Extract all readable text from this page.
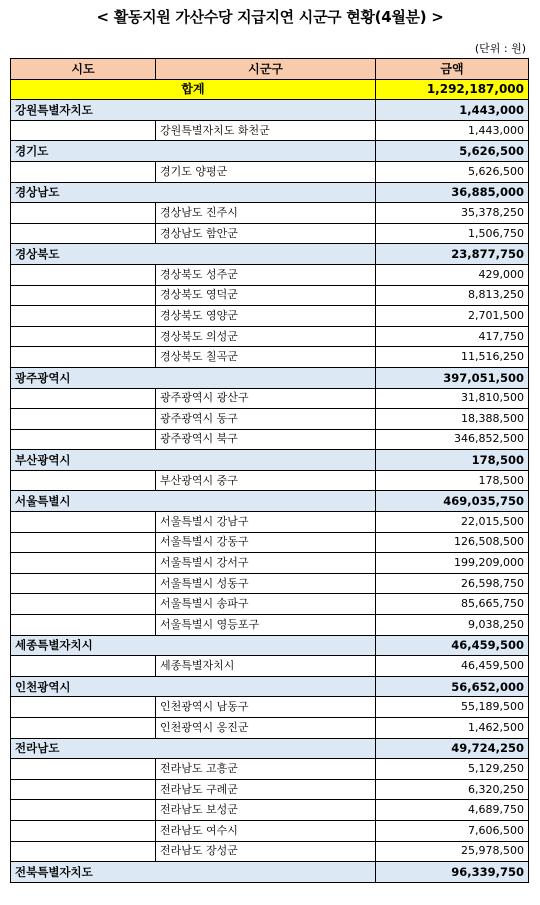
< 활동지원 가산수당 지급지연 시군구 현황(4월분) >
(단위 : 원)
시도	시군구	금액
합계		1,292,187,000
강원특별자치도		1,443,000
	강원특별자치도 화천군	1,443,000
경기도		5,626,500
	경기도 양평군	5,626,500
경상남도		36,885,000
	경상남도 진주시	35,378,250
	경상남도 함안군	1,506,750
경상북도		23,877,750
	경상북도 성주군	429,000
	경상북도 영덕군	8,813,250
	경상북도 영양군	2,701,500
	경상북도 의성군	417,750
	경상북도 칠곡군	11,516,250
광주광역시		397,051,500
	광주광역시 광산구	31,810,500
	광주광역시 동구	18,388,500
	광주광역시 북구	346,852,500
부산광역시		178,500
	부산광역시 중구	178,500
서울특별시		469,035,750
	서울특별시 강남구	22,015,500
	서울특별시 강동구	126,508,500
	서울특별시 강서구	199,209,000
	서울특별시 성동구	26,598,750
	서울특별시 송파구	85,665,750
	서울특별시 영등포구	9,038,250
세종특별자치시		46,459,500
	세종특별자치시	46,459,500
인천광역시		56,652,000
	인천광역시 남동구	55,189,500
	인천광역시 옹진군	1,462,500
전라남도		49,724,250
	전라남도 고흥군	5,129,250
	전라남도 구례군	6,320,250
	전라남도 보성군	4,689,750
	전라남도 여수시	7,606,500
	전라남도 장성군	25,978,500
전북특별자치도		96,339,750
